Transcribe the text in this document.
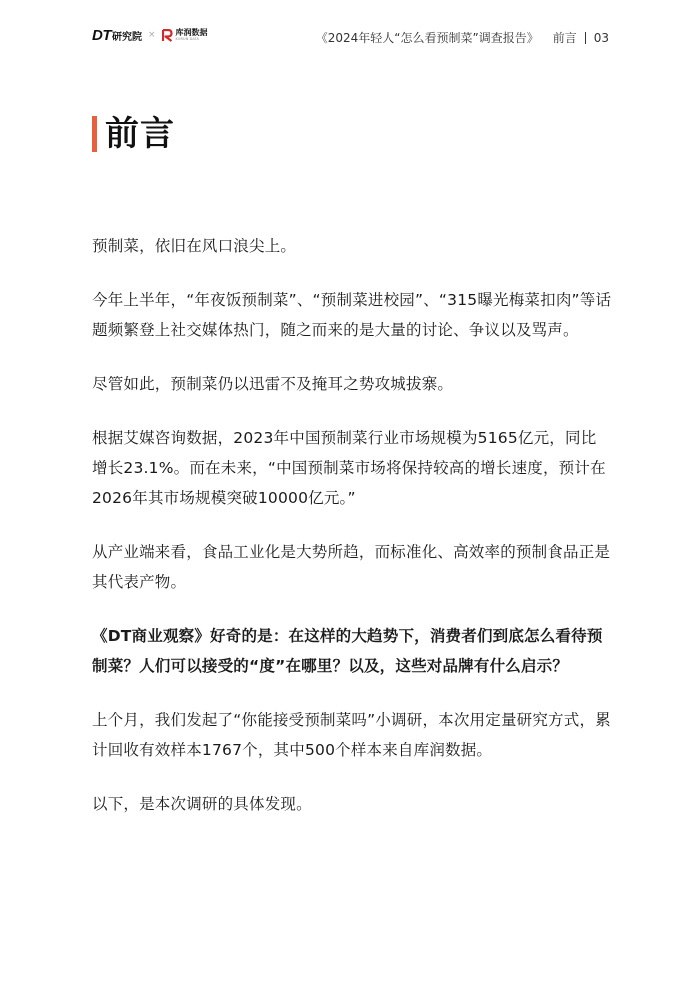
DT 研究院 ×	库润数据
KURUN DATA	《2024年轻人“怎么看预制菜”调查报告》 前言 03
前言

预制菜，依旧在风口浪尖上。

今年上半年，“年夜饭预制菜”、“预制菜进校园”、“315曝光梅菜扣肉”等话题频繁登上社交媒体热门，随之而来的是大量的讨论、争议以及骂声。

尽管如此，预制菜仍以迅雷不及掩耳之势攻城拔寨。

根据艾媒咨询数据，2023年中国预制菜行业市场规模为5165亿元，同比增长23.1%。而在未来，“中国预制菜市场将保持较高的增长速度，预计在2026年其市场规模突破10000亿元。”

从产业端来看，食品工业化是大势所趋，而标准化、高效率的预制食品正是其代表产物。

《DT商业观察》好奇的是：在这样的大趋势下，消费者们到底怎么看待预制菜？人们可以接受的“度”在哪里？以及，这些对品牌有什么启示？

上个月，我们发起了“你能接受预制菜吗”小调研，本次用定量研究方式，累计回收有效样本1767个，其中500个样本来自库润数据。

以下，是本次调研的具体发现。
